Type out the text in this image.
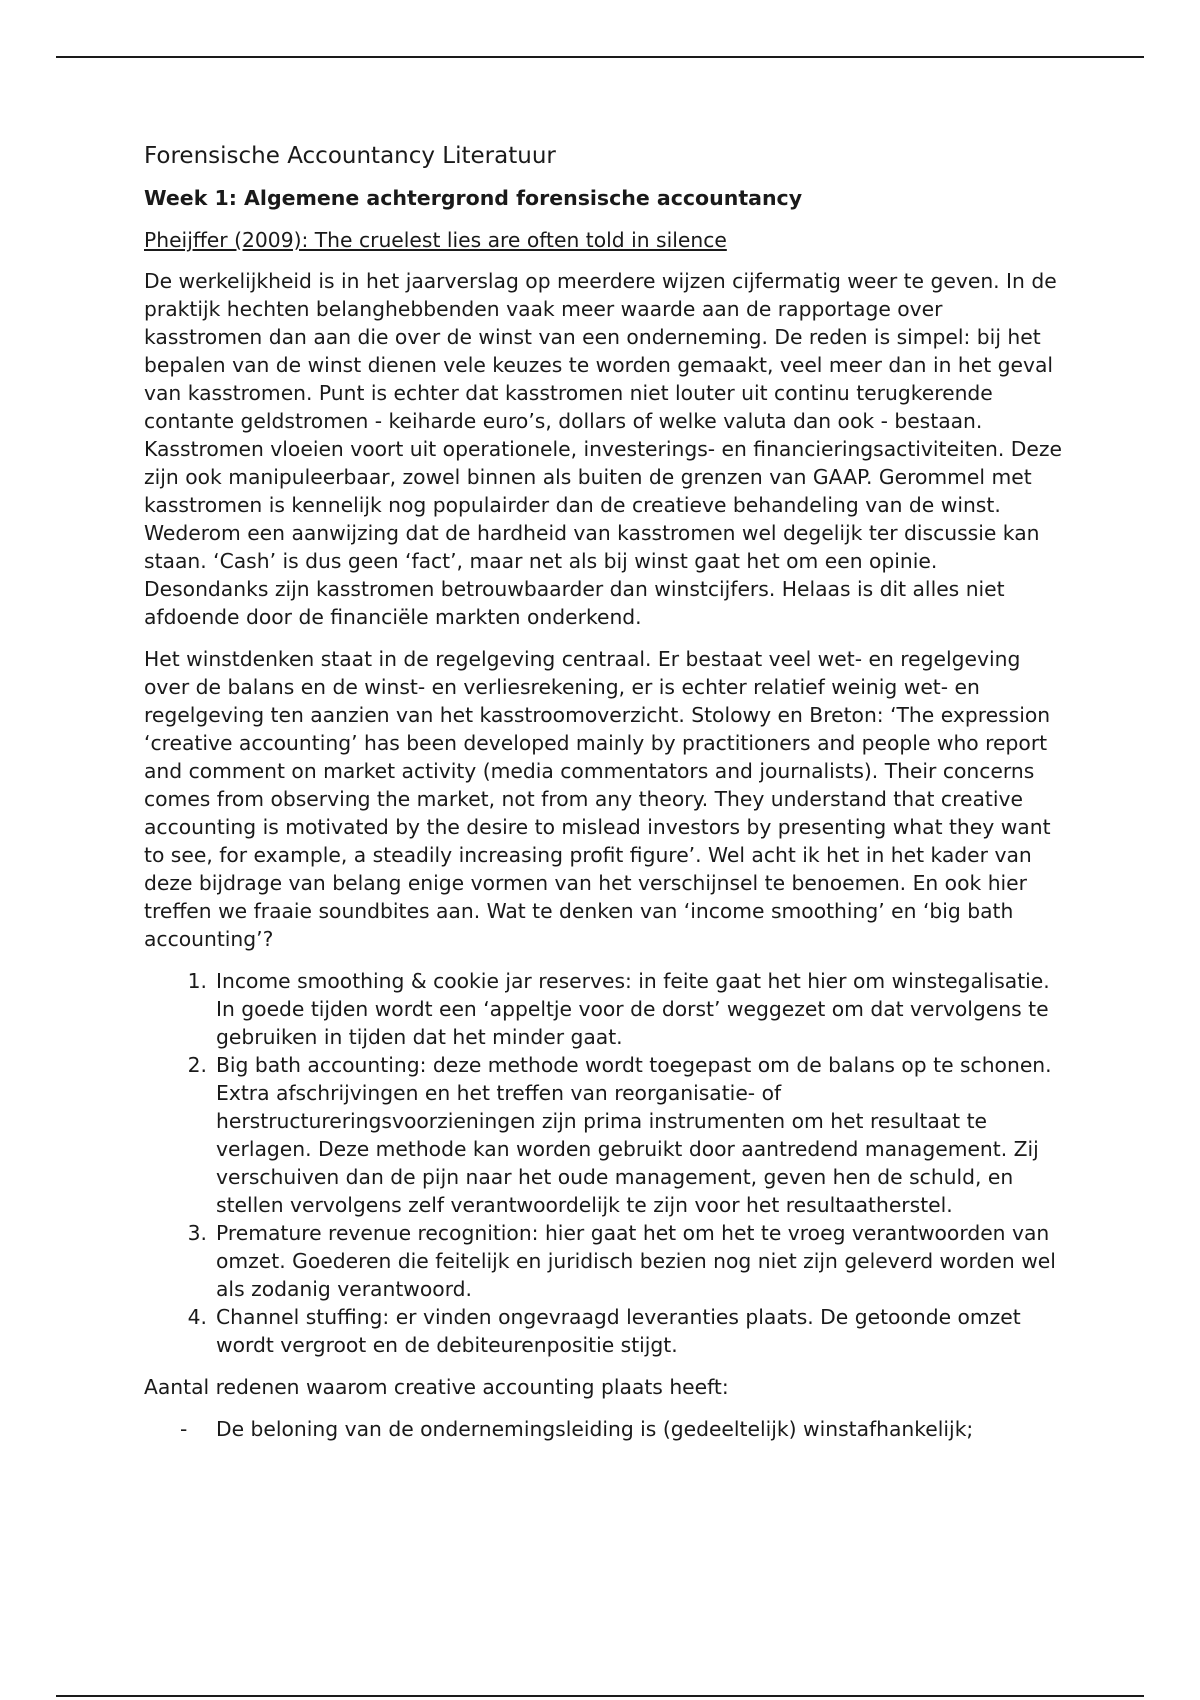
Forensische Accountancy Literatuur
Week 1: Algemene achtergrond forensische accountancy
Pheijffer (2009): The cruelest lies are often told in silence

De werkelijkheid is in het jaarverslag op meerdere wijzen cijfermatig weer te geven. In de praktijk hechten belanghebbenden vaak meer waarde aan de rapportage over kasstromen dan aan die over de winst van een onderneming. De reden is simpel: bij het bepalen van de winst dienen vele keuzes te worden gemaakt, veel meer dan in het geval van kasstromen. Punt is echter dat kasstromen niet louter uit continu terugkerende contante geldstromen - keiharde euro’s, dollars of welke valuta dan ook - bestaan. Kasstromen vloeien voort uit operationele, investerings- en financieringsactiviteiten. Deze zijn ook manipuleerbaar, zowel binnen als buiten de grenzen van GAAP. Gerommel met kasstromen is kennelijk nog populairder dan de creatieve behandeling van de winst. Wederom een aanwijzing dat de hardheid van kasstromen wel degelijk ter discussie kan staan. ‘Cash’ is dus geen ‘fact’, maar net als bij winst gaat het om een opinie. Desondanks zijn kasstromen betrouwbaarder dan winstcijfers. Helaas is dit alles niet afdoende door de financiële markten onderkend.

Het winstdenken staat in de regelgeving centraal. Er bestaat veel wet- en regelgeving over de balans en de winst- en verliesrekening, er is echter relatief weinig wet- en regelgeving ten aanzien van het kasstroomoverzicht. Stolowy en Breton: ‘The expression ‘creative accounting’ has been developed mainly by practitioners and people who report and comment on market activity (media commentators and journalists). Their concerns comes from observing the market, not from any theory. They understand that creative accounting is motivated by the desire to mislead investors by presenting what they want to see, for example, a steadily increasing profit figure’. Wel acht ik het in het kader van deze bijdrage van belang enige vormen van het verschijnsel te benoemen. En ook hier treffen we fraaie soundbites aan. Wat te denken van ‘income smoothing’ en ‘big bath accounting’?

1. Income smoothing & cookie jar reserves: in feite gaat het hier om winstegalisatie. In goede tijden wordt een ‘appeltje voor de dorst’ weggezet om dat vervolgens te gebruiken in tijden dat het minder gaat.
2. Big bath accounting: deze methode wordt toegepast om de balans op te schonen. Extra afschrijvingen en het treffen van reorganisatie- of herstructureringsvoorzieningen zijn prima instrumenten om het resultaat te verlagen. Deze methode kan worden gebruikt door aantredend management. Zij verschuiven dan de pijn naar het oude management, geven hen de schuld, en stellen vervolgens zelf verantwoordelijk te zijn voor het resultaatherstel.
3. Premature revenue recognition: hier gaat het om het te vroeg verantwoorden van omzet. Goederen die feitelijk en juridisch bezien nog niet zijn geleverd worden wel als zodanig verantwoord.
4. Channel stuffing: er vinden ongevraagd leveranties plaats. De getoonde omzet wordt vergroot en de debiteurenpositie stijgt.

Aantal redenen waarom creative accounting plaats heeft:

-	De beloning van de ondernemingsleiding is (gedeeltelijk) winstafhankelijk;
